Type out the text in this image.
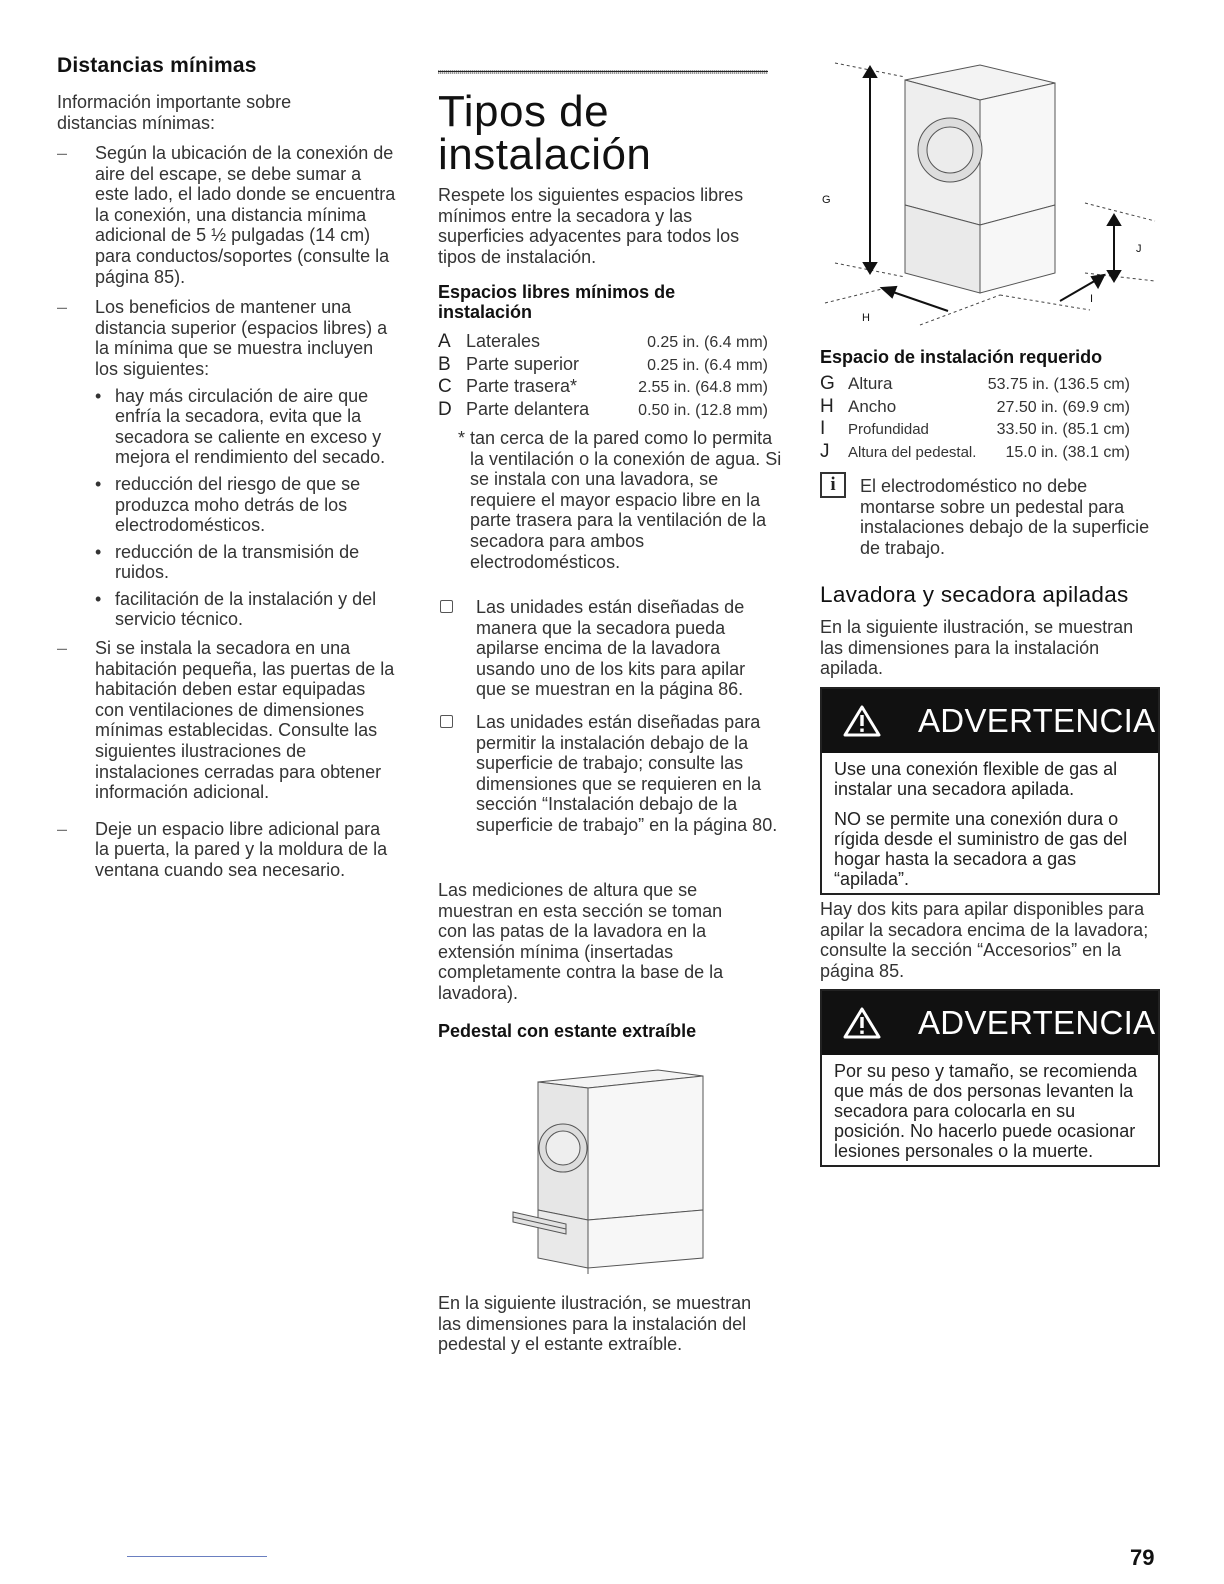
Distancias mínimas
Información importante sobre distancias mínimas:
– Según la ubicación de la conexión de aire del escape, se debe sumar a este lado, el lado donde se encuentra la conexión, una distancia mínima adicional de 5 ½ pulgadas (14 cm) para conductos/soportes (consulte la página 85).
– Los beneficios de mantener una distancia superior (espacios libres) a la mínima que se muestra incluyen los siguientes:
• hay más circulación de aire que enfría la secadora, evita que la secadora se caliente en exceso y mejora el rendimiento del secado.
• reducción del riesgo de que se produzca moho detrás de los electrodomésticos.
• reducción de la transmisión de ruidos.
• facilitación de la instalación y del servicio técnico.
– Si se instala la secadora en una habitación pequeña, las puertas de la habitación deben estar equipadas con ventilaciones de dimensiones mínimas establecidas. Consulte las siguientes ilustraciones de instalaciones cerradas para obtener información adicional.
– Deje un espacio libre adicional para la puerta, la pared y la moldura de la ventana cuando sea necesario.
Tipos de
instalación
Respete los siguientes espacios libres mínimos entre la secadora y las superficies adyacentes para todos los tipos de instalación.
Espacios libres mínimos de instalación
A	Laterales	0.25 in. (6.4 mm)
B	Parte superior	0.25 in. (6.4 mm)
C	Parte trasera*	2.55 in. (64.8 mm)
D	Parte delantera	0.50 in. (12.8 mm)
* tan cerca de la pared como lo permita la ventilación o la conexión de agua. Si se instala con una lavadora, se requiere el mayor espacio libre en la parte trasera para la ventilación de la secadora para ambos electrodomésticos.
Las unidades están diseñadas de manera que la secadora pueda apilarse encima de la lavadora usando uno de los kits para apilar que se muestran en la página 86.
Las unidades están diseñadas para permitir la instalación debajo de la superficie de trabajo; consulte las dimensiones que se requieren en la sección “Instalación debajo de la superficie de trabajo” en la página 80.
Las mediciones de altura que se muestran en esta sección se toman con las patas de la lavadora en la extensión mínima (insertadas completamente contra la base de la lavadora).
Pedestal con estante extraíble
En la siguiente ilustración, se muestran las dimensiones para la instalación del pedestal y el estante extraíble.
G
H
I
J
Espacio de instalación requerido
G	Altura	53.75 in. (136.5 cm)
H	Ancho	27.50 in. (69.9 cm)
I	Profundidad	33.50 in. (85.1 cm)
J	Altura del pedestal.	15.0 in. (38.1 cm)
i	El electrodoméstico no debe montarse sobre un pedestal para instalaciones debajo de la superficie de trabajo.
Lavadora y secadora apiladas
En la siguiente ilustración, se muestran las dimensiones para la instalación apilada.
ADVERTENCIA

Use una conexión flexible de gas al instalar una secadora apilada.

NO se permite una conexión dura o rígida desde el suministro de gas del hogar hasta la secadora a gas “apilada”.

Hay dos kits para apilar disponibles para apilar la secadora encima de la lavadora; consulte la sección “Accesorios” en la página 85.
ADVERTENCIA

Por su peso y tamaño, se recomienda que más de dos personas levanten la secadora para colocarla en su posición. No hacerlo puede ocasionar lesiones personales o la muerte.

79
